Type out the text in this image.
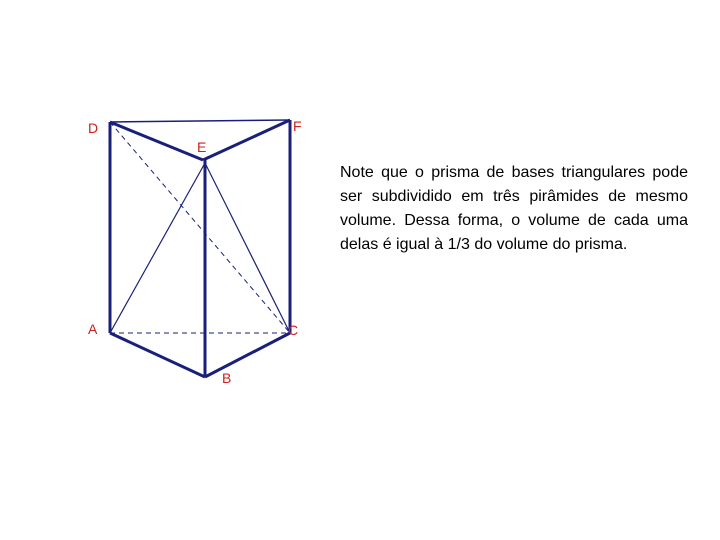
D
E
F
A
B
C

Note que o prisma de bases triangulares pode ser subdividido em três pirâmides de mesmo volume. Dessa forma, o volume de cada uma delas é igual à 1/3 do volume do prisma.
